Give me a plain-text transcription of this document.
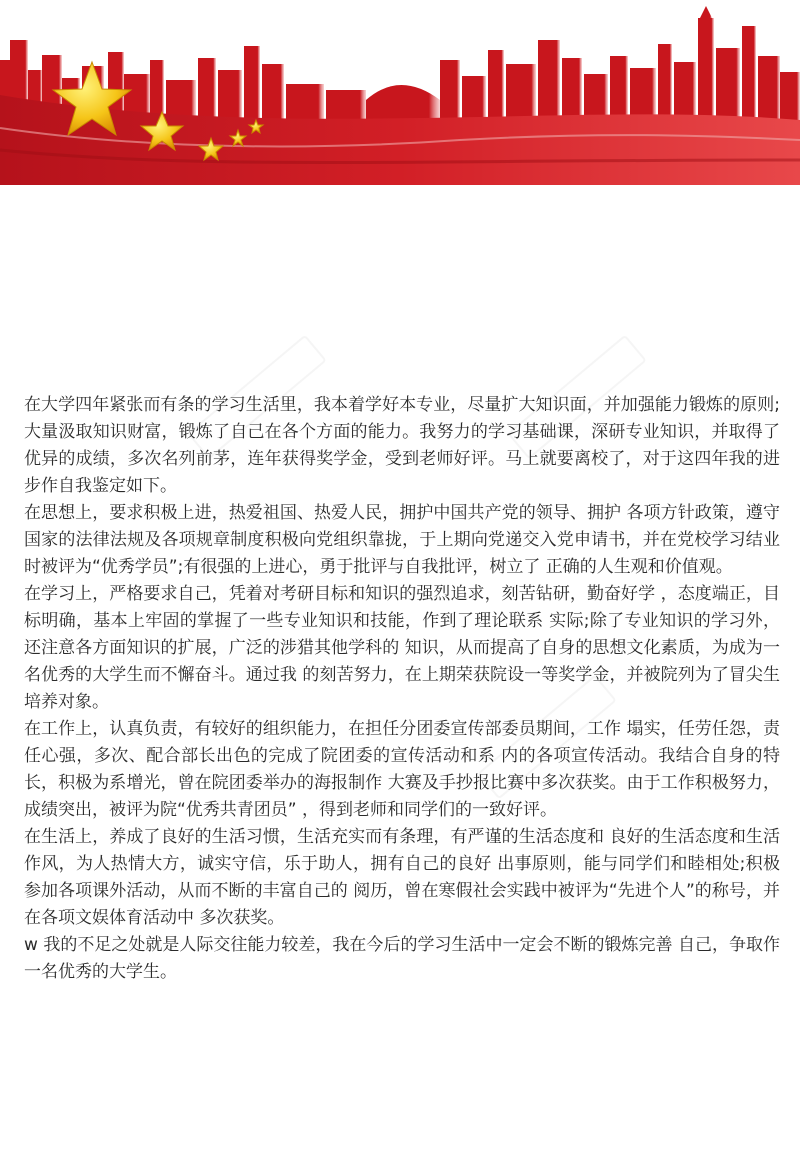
在大学四年紧张而有条的学习生活里，我本着学好本专业，尽量扩大知识面，并加强能力锻炼的原则;大量汲取知识财富，锻炼了自己在各个方面的能力。我努力的学习基础课，深研专业知识，并取得了优异的成绩，多次名列前茅，连年获得奖学金，受到老师好评。马上就要离校了，对于这四年我的进步作自我鉴定如下。

在思想上，要求积极上进，热爱祖国、热爱人民，拥护中国共产党的领导、拥护 各项方针政策，遵守国家的法律法规及各项规章制度积极向党组织靠拢，于上期向党递交入党申请书，并在党校学习结业时被评为“优秀学员”;有很强的上进心，勇于批评与自我批评，树立了 正确的人生观和价值观。

在学习上，严格要求自己，凭着对考研目标和知识的强烈追求，刻苦钻研，勤奋好学 ，态度端正，目标明确，基本上牢固的掌握了一些专业知识和技能，作到了理论联系 实际;除了专业知识的学习外，还注意各方面知识的扩展，广泛的涉猎其他学科的 知识，从而提高了自身的思想文化素质，为成为一名优秀的大学生而不懈奋斗。通过我 的刻苦努力，在上期荣获院设一等奖学金，并被院列为了冒尖生培养对象。

在工作上，认真负责，有较好的组织能力，在担任分团委宣传部委员期间，工作 塌实，任劳任怨，责任心强，多次、配合部长出色的完成了院团委的宣传活动和系 内的各项宣传活动。我结合自身的特长，积极为系增光，曾在院团委举办的海报制作 大赛及手抄报比赛中多次获奖。由于工作积极努力，成绩突出，被评为院“优秀共青团员” ，得到老师和同学们的一致好评。

在生活上，养成了良好的生活习惯，生活充实而有条理，有严谨的生活态度和 良好的生活态度和生活作风，为人热情大方，诚实守信，乐于助人，拥有自己的良好 出事原则，能与同学们和睦相处;积极参加各项课外活动，从而不断的丰富自己的 阅历，曾在寒假社会实践中被评为“先进个人”的称号，并在各项文娱体育活动中 多次获奖。

w 我的不足之处就是人际交往能力较差，我在今后的学习生活中一定会不断的锻炼完善 自己，争取作一名优秀的大学生。
